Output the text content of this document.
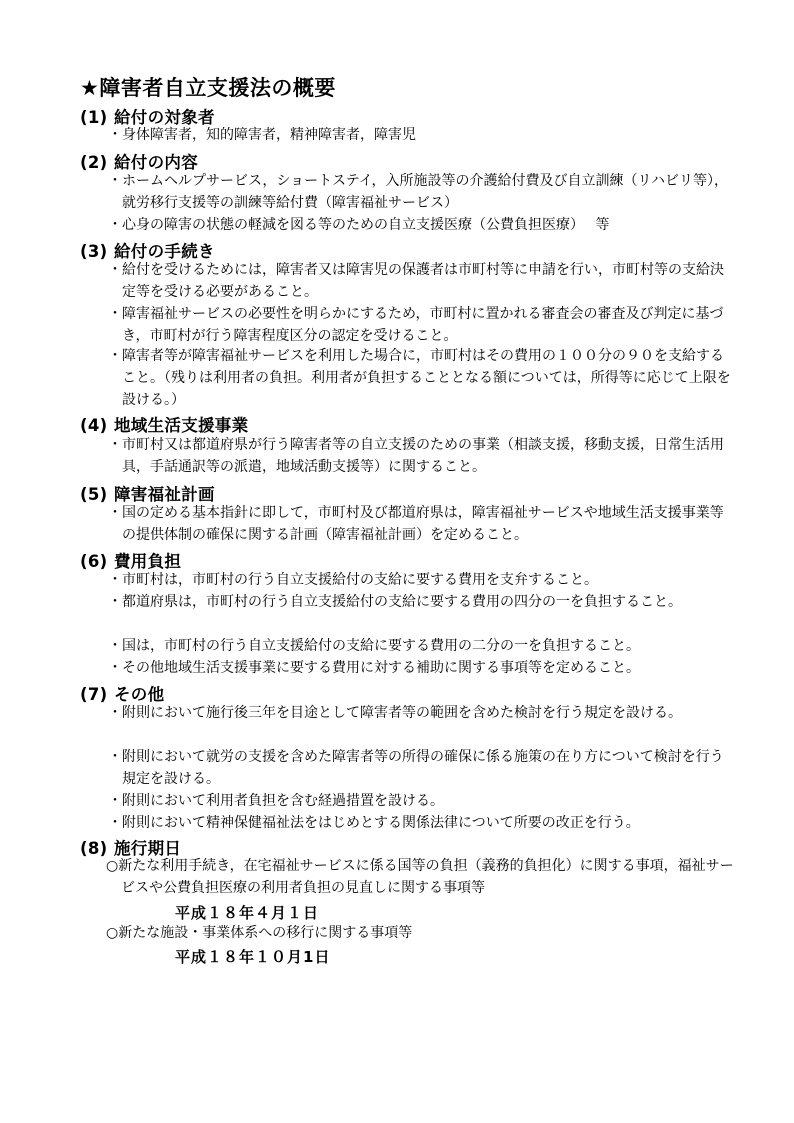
★障害者自立支援法の概要
(1) 給付の対象者
・身体障害者，知的障害者，精神障害者，障害児
(2) 給付の内容
・ホームヘルプサービス，ショートステイ，入所施設等の介護給付費及び自立訓練（リハビリ等），就労移行支援等の訓練等給付費（障害福祉サービス）
・心身の障害の状態の軽減を図る等のための自立支援医療（公費負担医療）　 等
(3) 給付の手続き
・給付を受けるためには，障害者又は障害児の保護者は市町村等に申請を行い，市町村等の支給決定等を受ける必要があること。
・障害福祉サービスの必要性を明らかにするため，市町村に置かれる審査会の審査及び判定に基づき，市町村が行う障害程度区分の認定を受けること。
・障害者等が障害福祉サービスを利用した場合に，市町村はその費用の１００分の９０を支給すること。（残りは利用者の負担。利用者が負担することとなる額については，所得等に応じて上限を設ける。）
(4) 地域生活支援事業
・市町村又は都道府県が行う障害者等の自立支援のための事業（相談支援，移動支援，日常生活用具，手話通訳等の派遣，地域活動支援等）に関すること。
(5) 障害福祉計画
・国の定める基本指針に即して，市町村及び都道府県は，障害福祉サービスや地域生活支援事業等の提供体制の確保に関する計画（障害福祉計画）を定めること。
(6) 費用負担
・市町村は，市町村の行う自立支援給付の支給に要する費用を支弁すること。
・都道府県は，市町村の行う自立支援給付の支給に要する費用の四分の一を負担すること。
・国は，市町村の行う自立支援給付の支給に要する費用の二分の一を負担すること。
・その他地域生活支援事業に要する費用に対する補助に関する事項等を定めること。
(7) その他
・附則において施行後三年を目途として障害者等の範囲を含めた検討を行う規定を設ける。
・附則において就労の支援を含めた障害者等の所得の確保に係る施策の在り方について検討を行う規定を設ける。
・附則において利用者負担を含む経過措置を設ける。
・附則において精神保健福祉法をはじめとする関係法律について所要の改正を行う。
(8) 施行期日
○新たな利用手続き，在宅福祉サービスに係る国等の負担（義務的負担化）に関する事項，福祉サービスや公費負担医療の利用者負担の見直しに関する事項等
平成１８年４月１日
○新たな施設・事業体系への移行に関する事項等
平成１８年１０月1日
